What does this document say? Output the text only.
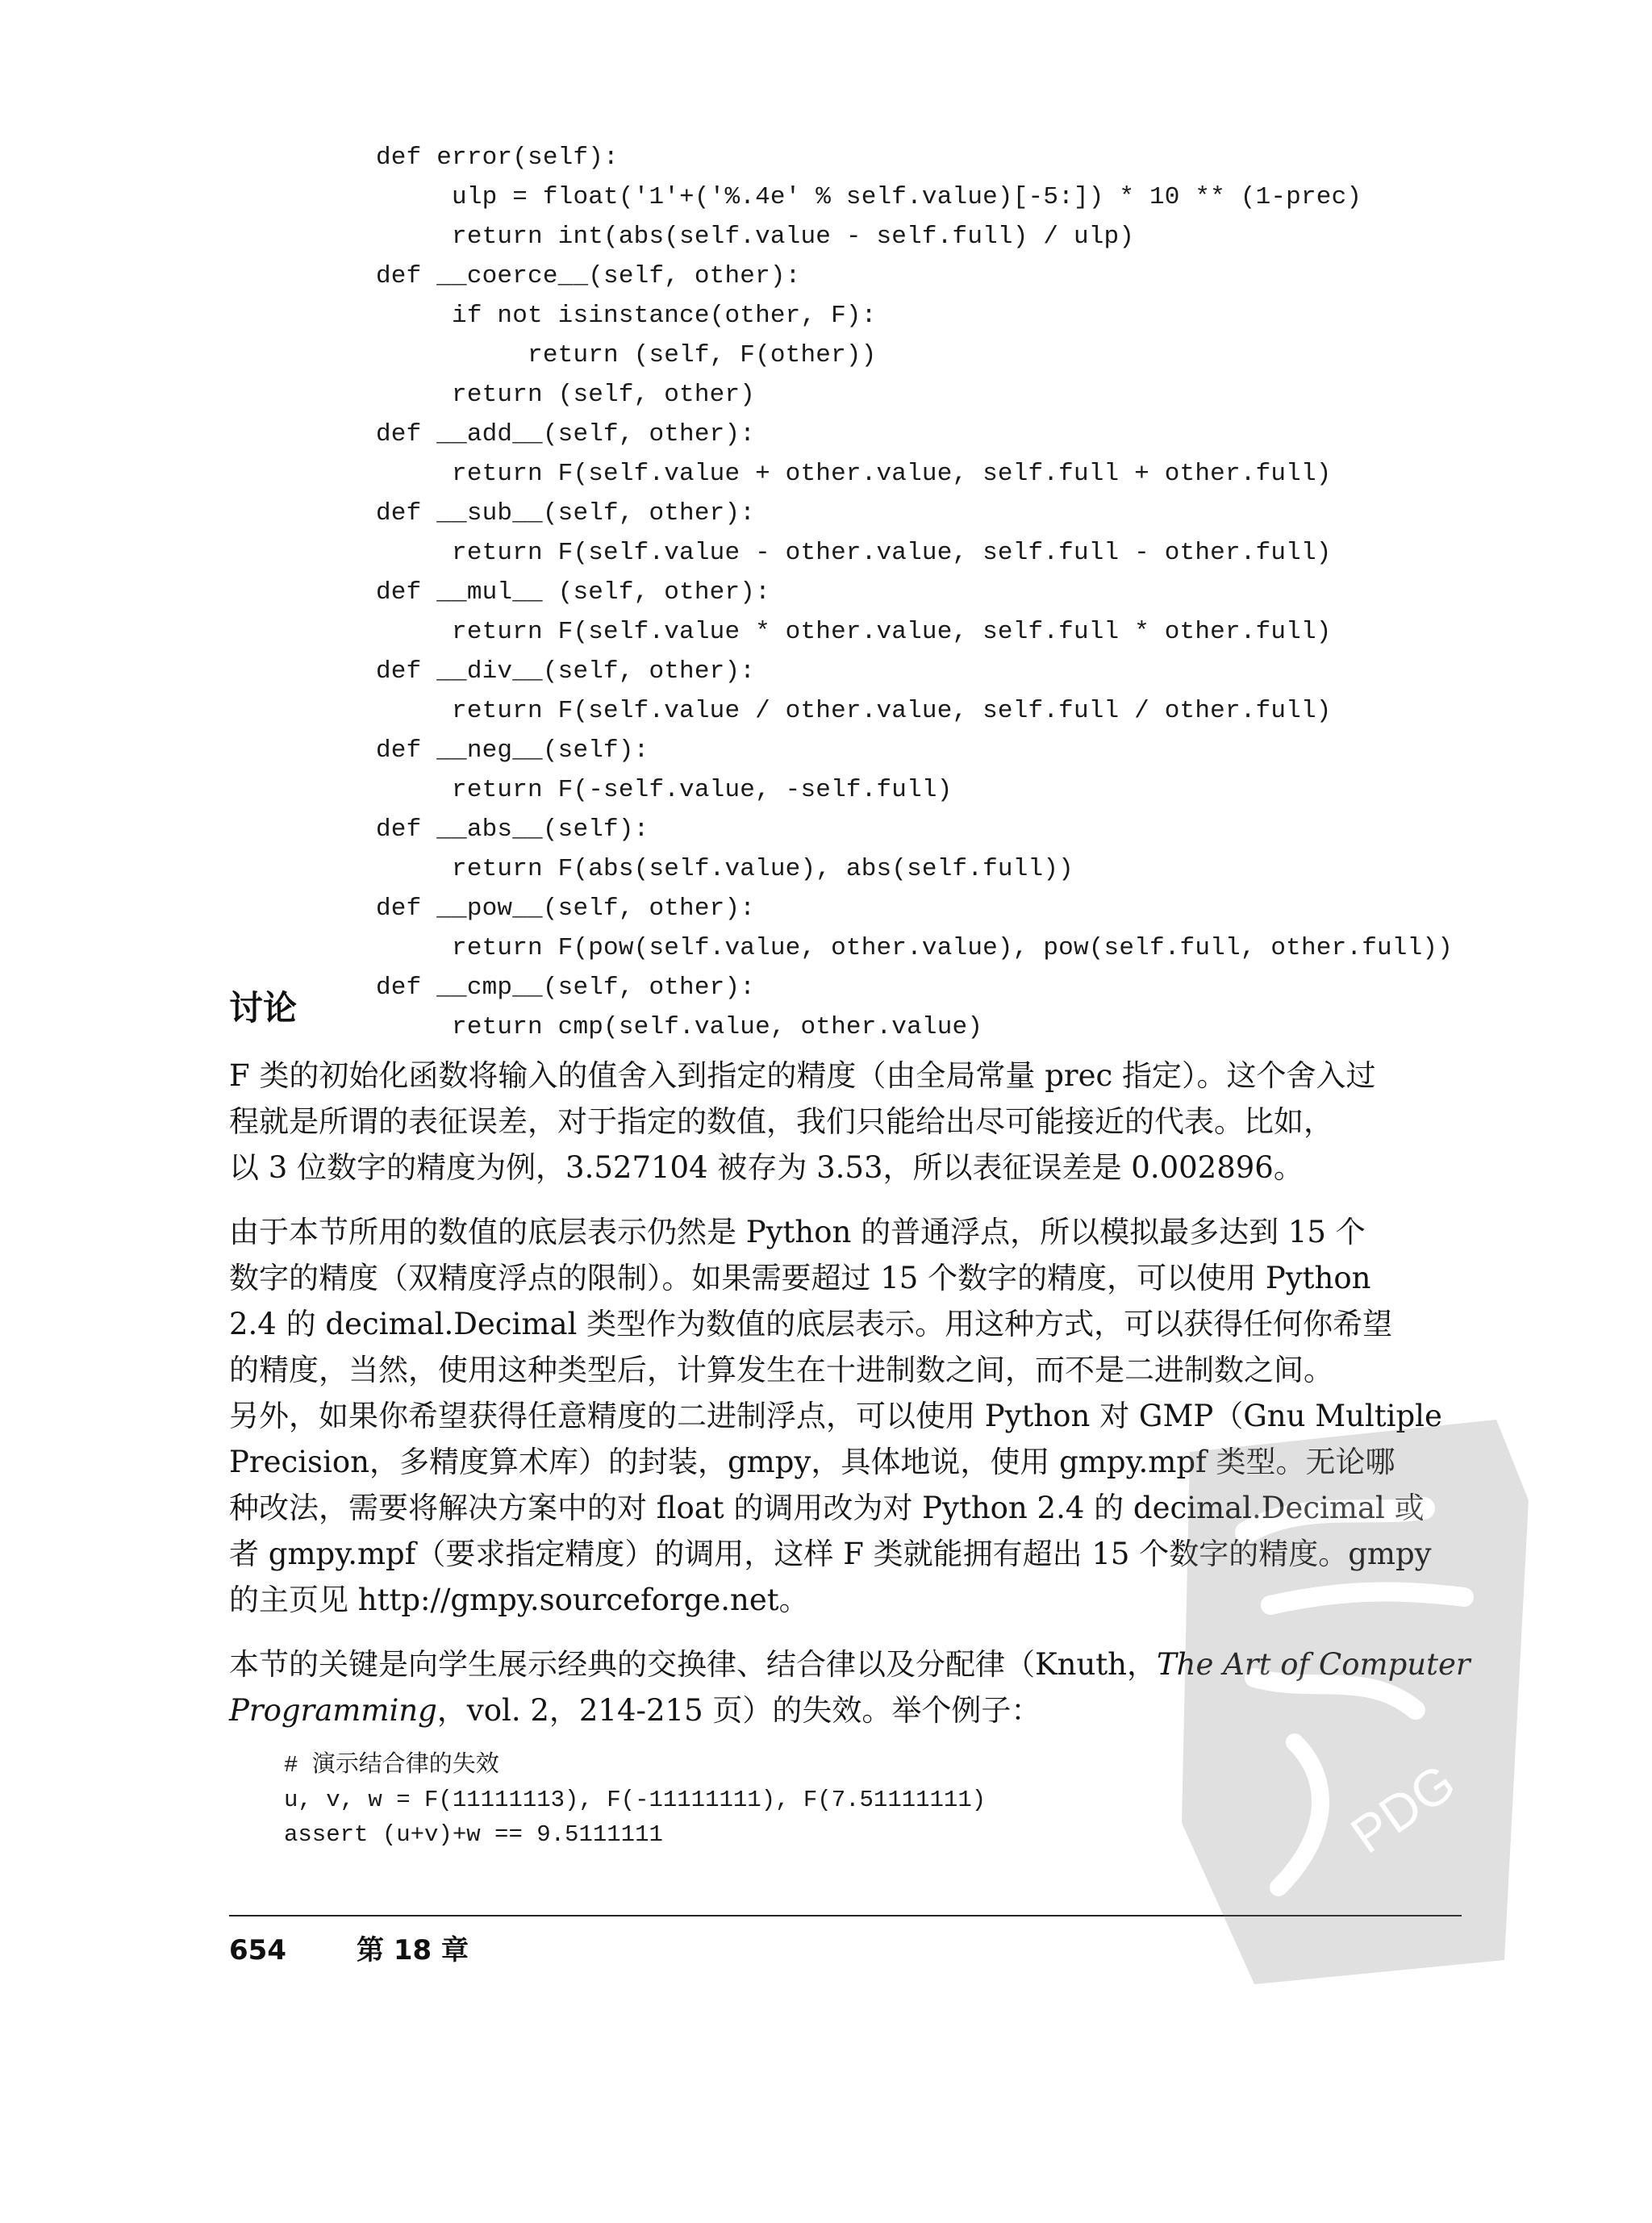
def error(self):
ulp = float('1'+('%.4e' % self.value)[-5:]) * 10 ** (1-prec)
return int(abs(self.value - self.full) / ulp)
def __coerce__(self, other):
if not isinstance(other, F):
return (self, F(other))
return (self, other)
def __add__(self, other):
return F(self.value + other.value, self.full + other.full)
def __sub__(self, other):
return F(self.value - other.value, self.full - other.full)
def __mul__ (self, other):
return F(self.value * other.value, self.full * other.full)
def __div__(self, other):
return F(self.value / other.value, self.full / other.full)
def __neg__(self):
return F(-self.value, -self.full)
def __abs__(self):
return F(abs(self.value), abs(self.full))
def __pow__(self, other):
return F(pow(self.value, other.value), pow(self.full, other.full))
def __cmp__(self, other):
return cmp(self.value, other.value)
讨论
F 类的初始化函数将输入的值舍入到指定的精度（由全局常量 prec 指定）。这个舍入过
程就是所谓的表征误差，对于指定的数值，我们只能给出尽可能接近的代表。比如，
以 3 位数字的精度为例，3.527104 被存为 3.53，所以表征误差是 0.002896。
由于本节所用的数值的底层表示仍然是 Python 的普通浮点，所以模拟最多达到 15 个
数字的精度（双精度浮点的限制）。如果需要超过 15 个数字的精度，可以使用 Python
2.4 的 decimal.Decimal 类型作为数值的底层表示。用这种方式，可以获得任何你希望
的精度，当然，使用这种类型后，计算发生在十进制数之间，而不是二进制数之间。
另外，如果你希望获得任意精度的二进制浮点，可以使用 Python 对 GMP（Gnu Multiple
Precision，多精度算术库）的封装，gmpy，具体地说，使用 gmpy.mpf 类型。无论哪
种改法，需要将解决方案中的对 float 的调用改为对 Python 2.4 的 decimal.Decimal 或
者 gmpy.mpf（要求指定精度）的调用，这样 F 类就能拥有超出 15 个数字的精度。gmpy
的主页见 http://gmpy.sourceforge.net。
本节的关键是向学生展示经典的交换律、结合律以及分配律（Knuth，The Art of Computer
Programming，vol. 2，214-215 页）的失效。举个例子：
# 演示结合律的失效
u, v, w = F(11111113), F(-11111111), F(7.51111111)
assert (u+v)+w == 9.5111111
654	第 18 章
PDG
